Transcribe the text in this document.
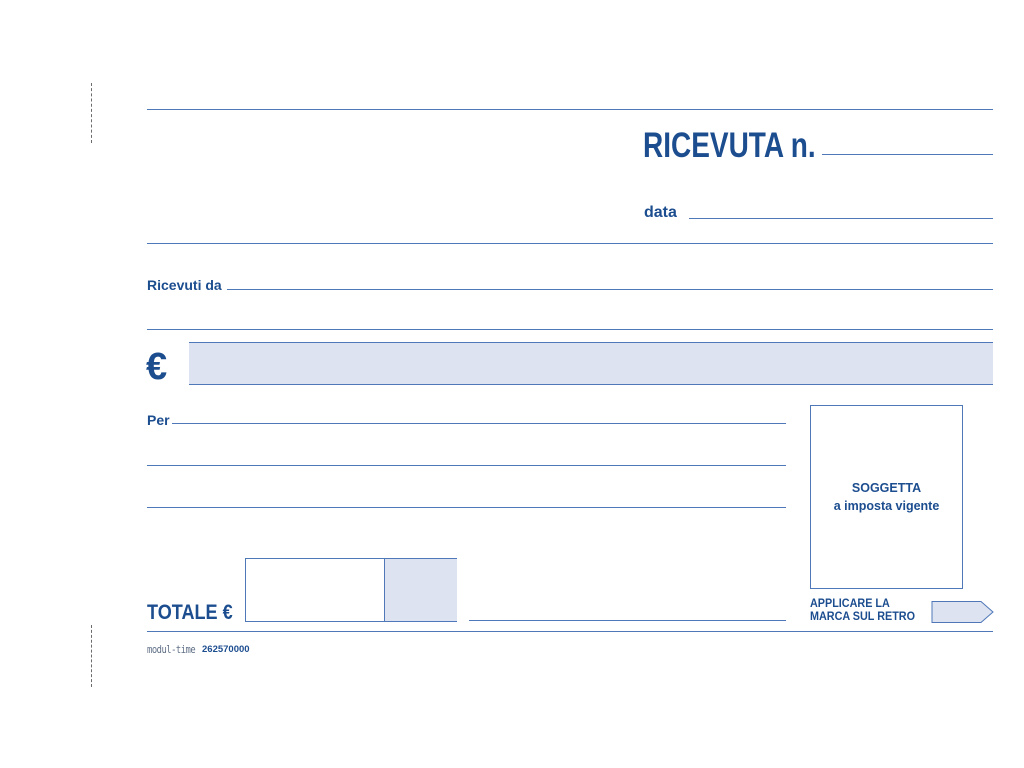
RICEVUTA n.
data
Ricevuti da
€
Per
SOGGETTA
a imposta vigente
TOTALE €	APPLICARE LA
MARCA SUL RETRO
modul-time 262570000
